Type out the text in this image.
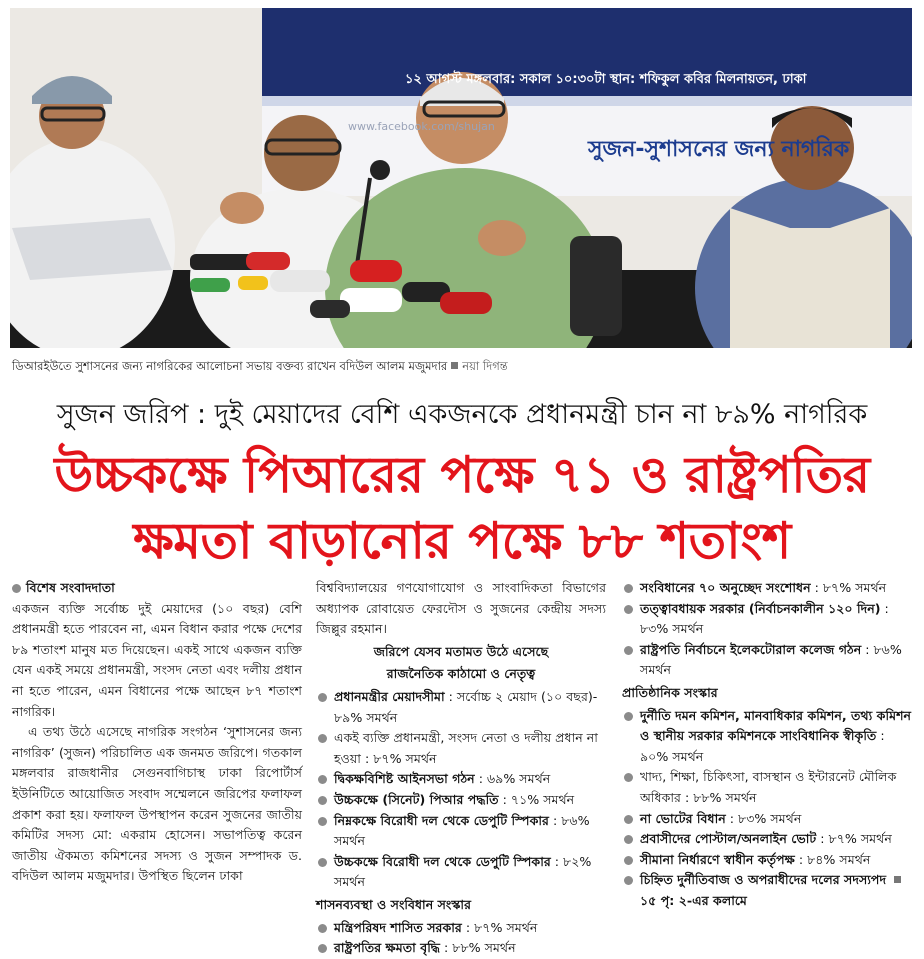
১২ আগস্ট মঙ্গলবার: সকাল ১০:৩০টা স্থান: শফিকুল কবির মিলনায়তন, ঢাকা
www.facebook.com/shujan
সুজন-সুশাসনের জন্য নাগরিক
ডিআরইউতে সুশাসনের জন্য নাগরিকের আলোচনা সভায় বক্তব্য রাখেন বদিউল আলম মজুমদার নয়া দিগন্ত
সুজন জরিপ : দুই মেয়াদের বেশি একজনকে প্রধানমন্ত্রী চান না ৮৯% নাগরিক
উচ্চকক্ষে পিআরের পক্ষে ৭১ ও রাষ্ট্রপতির
ক্ষমতা বাড়ানোর পক্ষে ৮৮ শতাংশ
বিশেষ সংবাদদাতা

একজন ব্যক্তি সর্বোচ্চ দুই মেয়াদের (১০ বছর) বেশি প্রধানমন্ত্রী হতে পারবেন না, এমন বিধান করার পক্ষে দেশের ৮৯ শতাংশ মানুষ মত দিয়েছেন। একই সাথে একজন ব্যক্তি যেন একই সময়ে প্রধানমন্ত্রী, সংসদ নেতা এবং দলীয় প্রধান না হতে পারেন, এমন বিধানের পক্ষে আছেন ৮৭ শতাংশ নাগরিক।

এ তথ্য উঠে এসেছে নাগরিক সংগঠন ‘সুশাসনের জন্য নাগরিক’ (সুজন) পরিচালিত এক জনমত জরিপে। গতকাল মঙ্গলবার রাজধানীর সেগুনবাগিচাস্থ ঢাকা রিপোর্টার্স ইউনিটিতে আয়োজিত সংবাদ সম্মেলনে জরিপের ফলাফল প্রকাশ করা হয়। ফলাফল উপস্থাপন করেন সুজনের জাতীয় কমিটির সদস্য মো: একরাম হোসেন। সভাপতিত্ব করেন জাতীয় ঐকমত্য কমিশনের সদস্য ও সুজন সম্পাদক ড. বদিউল আলম মজুমদার। উপস্থিত ছিলেন ঢাকা

বিশ্ববিদ্যালয়ের গণযোগাযোগ ও সাংবাদিকতা বিভাগের অধ্যাপক রোবায়েত ফেরদৌস ও সুজনের কেন্দ্রীয় সদস্য জিল্লুর রহমান।

জরিপে যেসব মতামত উঠে এসেছে
রাজনৈতিক কাঠামো ও নেতৃত্ব

প্রধানমন্ত্রীর মেয়াদসীমা : সর্বোচ্চ ২ মেয়াদ (১০ বছর)- ৮৯% সমর্থন

একই ব্যক্তি প্রধানমন্ত্রী, সংসদ নেতা ও দলীয় প্রধান না হওয়া : ৮৭% সমর্থন

দ্বিকক্ষবিশিষ্ট আইনসভা গঠন : ৬৯% সমর্থন

উচ্চকক্ষে (সিনেট) পিআর পদ্ধতি : ৭১% সমর্থন

নিম্নকক্ষে বিরোধী দল থেকে ডেপুটি স্পিকার : ৮৬% সমর্থন

উচ্চকক্ষে বিরোধী দল থেকে ডেপুটি স্পিকার : ৮২% সমর্থন

শাসনব্যবস্থা ও সংবিধান সংস্কার

মন্ত্রিপরিষদ শাসিত সরকার : ৮৭% সমর্থন

রাষ্ট্রপতির ক্ষমতা বৃদ্ধি : ৮৮% সমর্থন

সংবিধানের ৭০ অনুচ্ছেদ সংশোধন : ৮৭% সমর্থন

তত্ত্বাবধায়ক সরকার (নির্বাচনকালীন ১২০ দিন) : ৮৩% সমর্থন

রাষ্ট্রপতি নির্বাচনে ইলেকটোরাল কলেজ গঠন : ৮৬% সমর্থন

প্রাতিষ্ঠানিক সংস্কার

দুর্নীতি দমন কমিশন, মানবাধিকার কমিশন, তথ্য কমিশন ও স্থানীয় সরকার কমিশনকে সাংবিধানিক স্বীকৃতি : ৯০% সমর্থন

খাদ্য, শিক্ষা, চিকিৎসা, বাসস্থান ও ইন্টারনেট মৌলিক অধিকার : ৮৮% সমর্থন

না ভোটের বিধান : ৮৩% সমর্থন

প্রবাসীদের পোস্টাল/অনলাইন ভোট : ৮৭% সমর্থন

সীমানা নির্ধারণে স্বাধীন কর্তৃপক্ষ : ৮৪% সমর্থন

চিহ্নিত দুর্নীতিবাজ ও অপরাধীদের দলের সদস্যপদ ১৫ পৃ: ২-এর কলামে
